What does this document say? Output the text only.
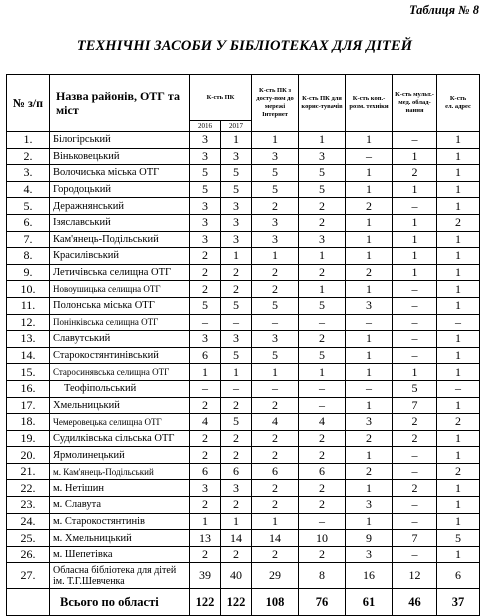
Таблиця № 8
ТЕХНІЧНІ ЗАСОБИ У БІБЛІОТЕКАХ ДЛЯ ДІТЕЙ
№ з/п	Назва районів, ОТГ та міст	К-сть ПК		К-сть ПК з досту-пом до мережі Інтернет	К-сть ПК для корис-тувачів	К-сть коп.-розм. техніки	К-сть мульт.-мед. облад-нання	К-сть ел. адрес
		2016	2017					
1.	Білогірський	3	1	1	1	1	–	1
2.	Віньковецький	3	3	3	3	–	1	1
3.	Волочиська міська ОТГ	5	5	5	5	1	2	1
4.	Городоцький	5	5	5	5	1	1	1
5.	Деражнянський	3	3	2	2	2	–	1
6.	Ізяславський	3	3	3	2	1	1	2
7.	Кам'янець-Подільський	3	3	3	3	1	1	1
8.	Красилівський	2	1	1	1	1	1	1
9.	Летичівська селищна ОТГ	2	2	2	2	2	1	1
10.	Новоушицька селищна ОТГ	2	2	2	1	1	–	1
11.	Полонська міська ОТГ	5	5	5	5	3	–	1
12.	Понінківська селищна ОТГ	–	–	–	–	–	–	–
13.	Славутський	3	3	3	2	1	–	1
14.	Старокостянтинівський	6	5	5	5	1	–	1
15.	Старосинявська селищна ОТГ	1	1	1	1	1	1	1
16.	Теофіпольський	–	–	–	–	–	5	–
17.	Хмельницький	2	2	2	–	1	7	1
18.	Чемеровецька селищна ОТГ	4	5	4	4	3	2	2
19.	Судилківська сільська ОТГ	2	2	2	2	2	2	1
20.	Ярмолинецький	2	2	2	2	1	–	1
21.	м. Кам'янець-Подільський	6	6	6	6	2	–	2
22.	м. Нетішин	3	3	2	2	1	2	1
23.	м. Славута	2	2	2	2	3	–	1
24.	м. Старокостянтинів	1	1	1	–	1	–	1
25.	м. Хмельницький	13	14	14	10	9	7	5
26.	м. Шепетівка	2	2	2	2	3	–	1
27.	Обласна бібліотека для дітей ім. Т.Г.Шевченка	39	40	29	8	16	12	6
	Всього по області	122	122	108	76	61	46	37
